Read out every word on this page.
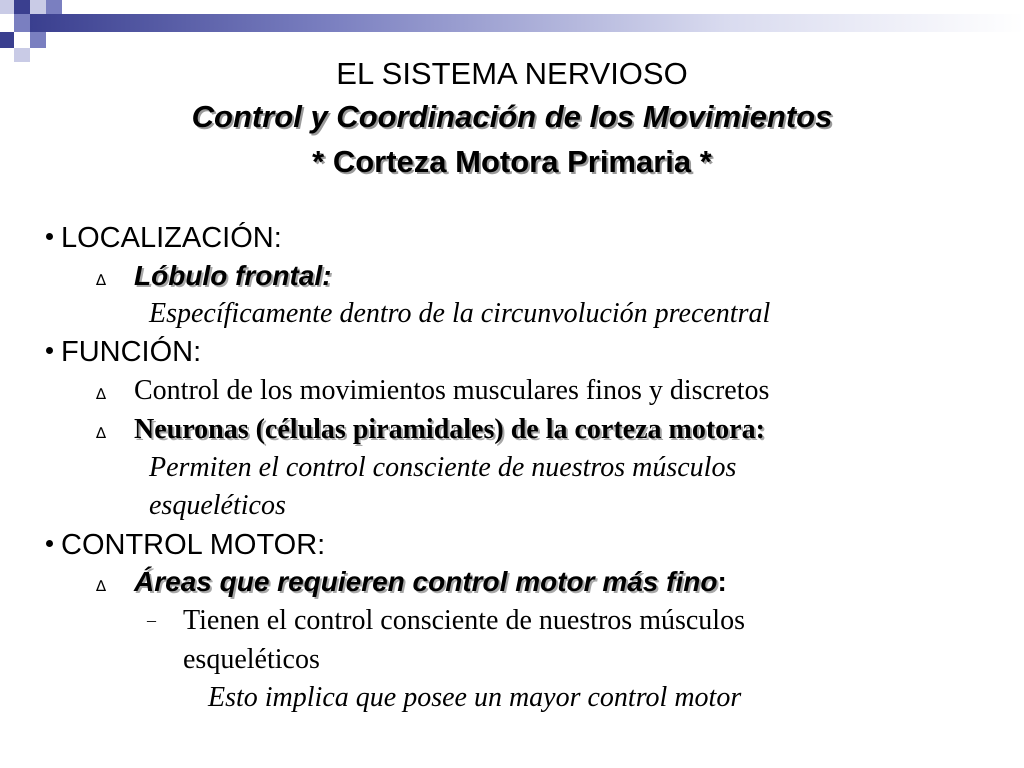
EL SISTEMA NERVIOSO
Control y Coordinación de los Movimientos
* Corteza Motora Primaria *
LOCALIZACIÓN:
∆ Lóbulo frontal:
Específicamente dentro de la circunvolución precentral
FUNCIÓN:
∆ Control de los movimientos musculares finos y discretos
∆ Neuronas (células piramidales) de la corteza motora:
Permiten el control consciente de nuestros músculos
esqueléticos
CONTROL MOTOR:
∆ Áreas que requieren control motor más fino:
– Tienen el control consciente de nuestros músculos
esqueléticos
Esto implica que posee un mayor control motor
